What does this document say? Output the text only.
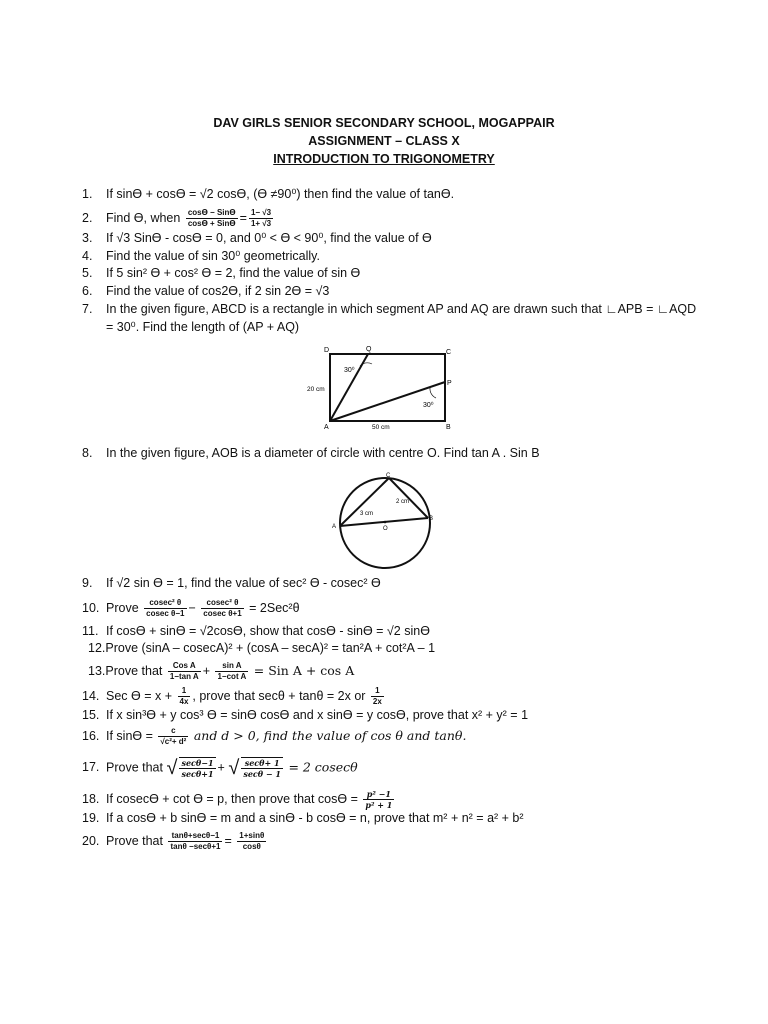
DAV GIRLS SENIOR SECONDARY SCHOOL, MOGAPPAIR
ASSIGNMENT – CLASS X
INTRODUCTION TO TRIGONOMETRY
1. If sinϴ + cosϴ = √2 cosϴ, (ϴ ≠90⁰) then find the value of tanϴ.
2. Find ϴ, when $\frac{\text{cosϴ − Sinϴ}}{\text{cosϴ + Sinϴ}} = \frac{1- √3}{1+ √3}$
3. If √3 Sinϴ - cosϴ = 0, and 0⁰ < ϴ < 90⁰, find the value of ϴ
4. Find the value of sin 30⁰ geometrically.
5. If 5 sin² ϴ + cos² ϴ = 2, find the value of sin ϴ
6. Find the value of cos2ϴ, if 2 sin 2ϴ = √3
7. In the given figure, ABCD is a rectangle in which segment AP and AQ are drawn such that ∟APB = ∟AQD
= 30⁰. Find the length of (AP + AQ)
D	Q	C
P
A	B
30⁰
30⁰
20 cm
50 cm
8. In the given figure, AOB is a diameter of circle with centre O. Find tan A . Sin B
C
A
B
O
3 cm
2 cm
9. If √2 sin ϴ = 1, find the value of sec² ϴ - cosec² ϴ
10. Prove $\frac{\text{cosec² θ}}{\text{cosec θ−1}} - \frac{\text{cosec² θ}}{\text{cosec θ+1}} = 2Sec^2\theta$
11. If cosϴ + sinϴ = √2cosϴ, show that cosϴ - sinϴ = √2 sinϴ
12.Prove (sinA – cosecA)² + (cosA – secA)² = tan²A + cot²A – 1
13.Prove that $\frac{\text{Cos A}}{\text{1−tan A}} + \frac{\text{sin A}}{\text{1−cot A}}$ = Sin A + cos A
14. Sec $ϴ = x + \frac{1}{4x}$ , prove that secθ + tanθ = 2x or $\frac{1}{2x}$
15. If x sin³ϴ + y cos³ ϴ = sinϴ cosϴ and x sinϴ = y cosϴ, prove that x² + y² = 1
16. If $\sin ϴ = \frac{c}{\text{√c²+ d²}}$ and d > 0, find the value of cos θ and tanθ.
17. Prove that √ $\frac{\sec\theta-1}{\sec\theta+1}$ + √ $\frac{\sec\theta+ 1}{\sec\theta - 1} = 2$ cosecθ
18. If cosecϴ + cot ϴ = p, then prove that $\cos ϴ = \frac{\text{p² −1}}{\text{p² + 1}}$
19. If a cosϴ + b sinϴ = m and a sinϴ - b cosϴ = n, prove that m² + n² = a² + b²
20. Prove that $\frac{\tan\theta+\sec\theta-1}{\tan\theta -\sec\theta+1} = \frac{1+\sin\theta}{\cos\theta}$
